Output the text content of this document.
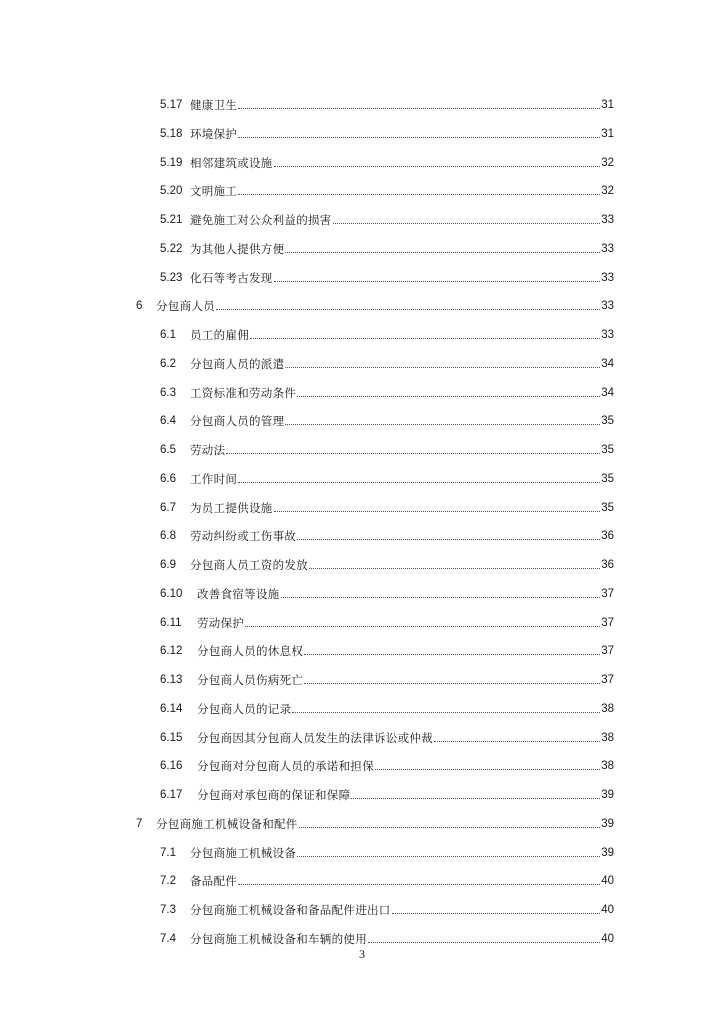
5.17 健康卫生	31
5.18 环境保护	31
5.19 相邻建筑或设施	32
5.20 文明施工	32
5.21 避免施工对公众利益的损害	33
5.22 为其他人提供方便	33
5.23 化石等考古发现	33
6	分包商人员	33
6.1	员工的雇佣	33
6.2	分包商人员的派遣	34
6.3	工资标准和劳动条件	34
6.4	分包商人员的管理	35
6.5	劳动法	35
6.6	工作时间	35
6.7	为员工提供设施	35
6.8	劳动纠纷或工伤事故	36
6.9	分包商人员工资的发放	36
6.10	改善食宿等设施	37
6.11	劳动保护	37
6.12	分包商人员的休息权	37
6.13	分包商人员伤病死亡	37
6.14	分包商人员的记录	38
6.15	分包商因其分包商人员发生的法律诉讼或仲裁	38
6.16	分包商对分包商人员的承诺和担保	38
6.17	分包商对承包商的保证和保障	39
7	分包商施工机械设备和配件	39
7.1	分包商施工机械设备	39
7.2	备品配件	40
7.3	分包商施工机械设备和备品配件进出口	40
7.4	分包商施工机械设备和车辆的使用	40
3
